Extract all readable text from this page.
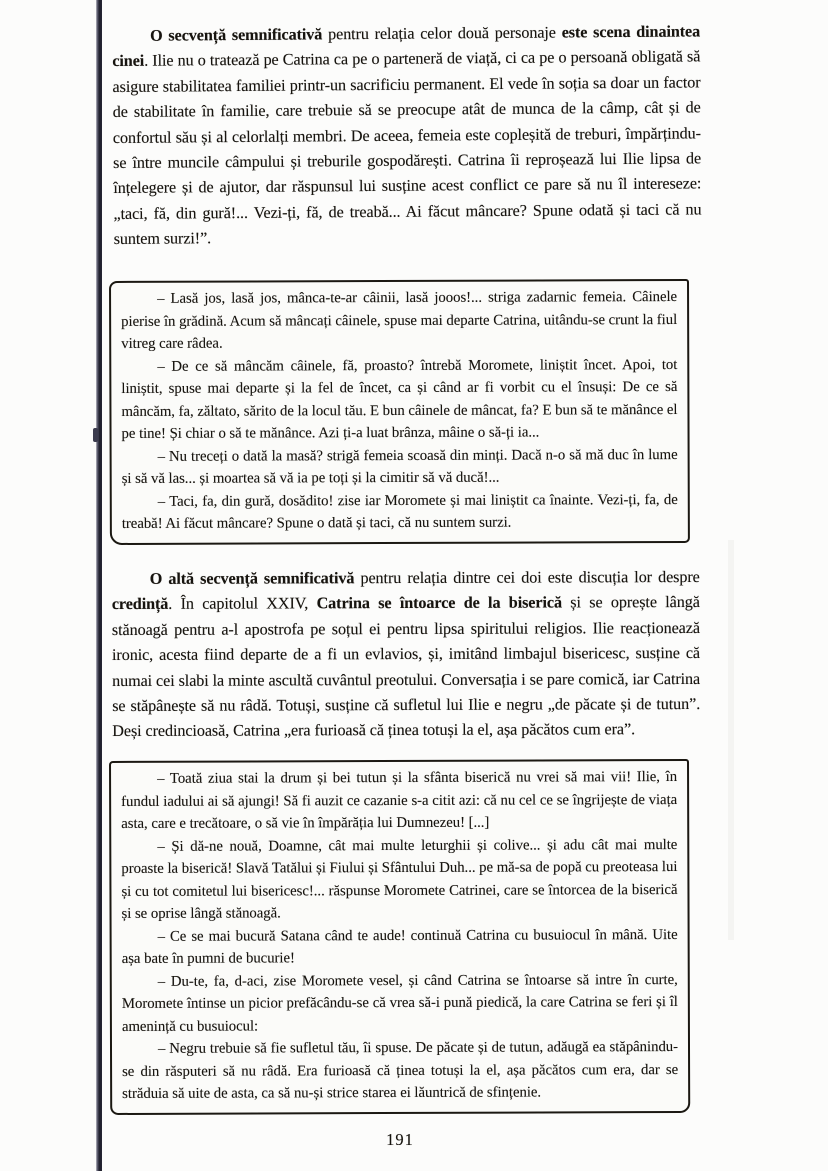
O secvență semnificativă pentru relația celor două personaje este scena dinaintea cinei. Ilie nu o tratează pe Catrina ca pe o parteneră de viață, ci ca pe o persoană obligată să asigure stabilitatea familiei printr-un sacrificiu permanent. El vede în soția sa doar un factor de stabilitate în familie, care trebuie să se preocupe atât de munca de la câmp, cât și de confortul său și al celorlalți membri. De aceea, femeia este copleșită de treburi, împărțindu-se între muncile câmpului și treburile gospodărești. Catrina îi reproșează lui Ilie lipsa de înțelegere și de ajutor, dar răspunsul lui susține acest conflict ce pare să nu îl intereseze: „taci, fă, din gură!... Vezi-ți, fă, de treabă... Ai făcut mâncare? Spune odată și taci că nu suntem surzi!”.

– Lasă jos, lasă jos, mânca-te-ar câinii, lasă jooos!... striga zadarnic femeia. Câinele pierise în grădină. Acum să mâncați câinele, spuse mai departe Catrina, uitându-se crunt la fiul vitreg care râdea.

– De ce să mâncăm câinele, fă, proasto? întrebă Moromete, liniștit încet. Apoi, tot liniștit, spuse mai departe și la fel de încet, ca și când ar fi vorbit cu el însuși: De ce să mâncăm, fa, zăltato, sărito de la locul tău. E bun câinele de mâncat, fa? E bun să te mănânce el pe tine! Și chiar o să te mănânce. Azi ți-a luat brânza, mâine o să-ți ia...

– Nu treceți o dată la masă? strigă femeia scoasă din minți. Dacă n-o să mă duc în lume și să vă las... și moartea să vă ia pe toți și la cimitir să vă ducă!...

– Taci, fa, din gură, dosădito! zise iar Moromete și mai liniștit ca înainte. Vezi-ți, fa, de treabă! Ai făcut mâncare? Spune o dată și taci, că nu suntem surzi.

O altă secvență semnificativă pentru relația dintre cei doi este discuția lor despre credință. În capitolul XXIV, Catrina se întoarce de la biserică și se oprește lângă stănoagă pentru a-l apostrofa pe soțul ei pentru lipsa spiritului religios. Ilie reacționează ironic, acesta fiind departe de a fi un evlavios, și, imitând limbajul bisericesc, susține că numai cei slabi la minte ascultă cuvântul preotului. Conversația i se pare comică, iar Catrina se stăpânește să nu râdă. Totuși, susține că sufletul lui Ilie e negru „de păcate și de tutun”. Deși credincioasă, Catrina „era furioasă că ținea totuși la el, așa păcătos cum era”.

– Toată ziua stai la drum și bei tutun și la sfânta biserică nu vrei să mai vii! Ilie, în fundul iadului ai să ajungi! Să fi auzit ce cazanie s-a citit azi: că nu cel ce se îngrijește de viața asta, care e trecătoare, o să vie în împărăția lui Dumnezeu! [...]

– Și dă-ne nouă, Doamne, cât mai multe leturghii și colive... și adu cât mai multe proaste la biserică! Slavă Tatălui și Fiului și Sfântului Duh... pe mă-sa de popă cu preoteasa lui și cu tot comitetul lui bisericesc!... răspunse Moromete Catrinei, care se întorcea de la biserică și se oprise lângă stănoagă.

– Ce se mai bucură Satana când te aude! continuă Catrina cu busuiocul în mână. Uite așa bate în pumni de bucurie!

– Du-te, fa, d-aci, zise Moromete vesel, și când Catrina se întoarse să intre în curte, Moromete întinse un picior prefăcându-se că vrea să-i pună piedică, la care Catrina se feri și îl amenință cu busuiocul:

– Negru trebuie să fie sufletul tău, îi spuse. De păcate și de tutun, adăugă ea stăpânindu-se din răsputeri să nu râdă. Era furioasă că ținea totuși la el, așa păcătos cum era, dar se străduia să uite de asta, ca să nu-și strice starea ei lăuntrică de sfințenie.

191
